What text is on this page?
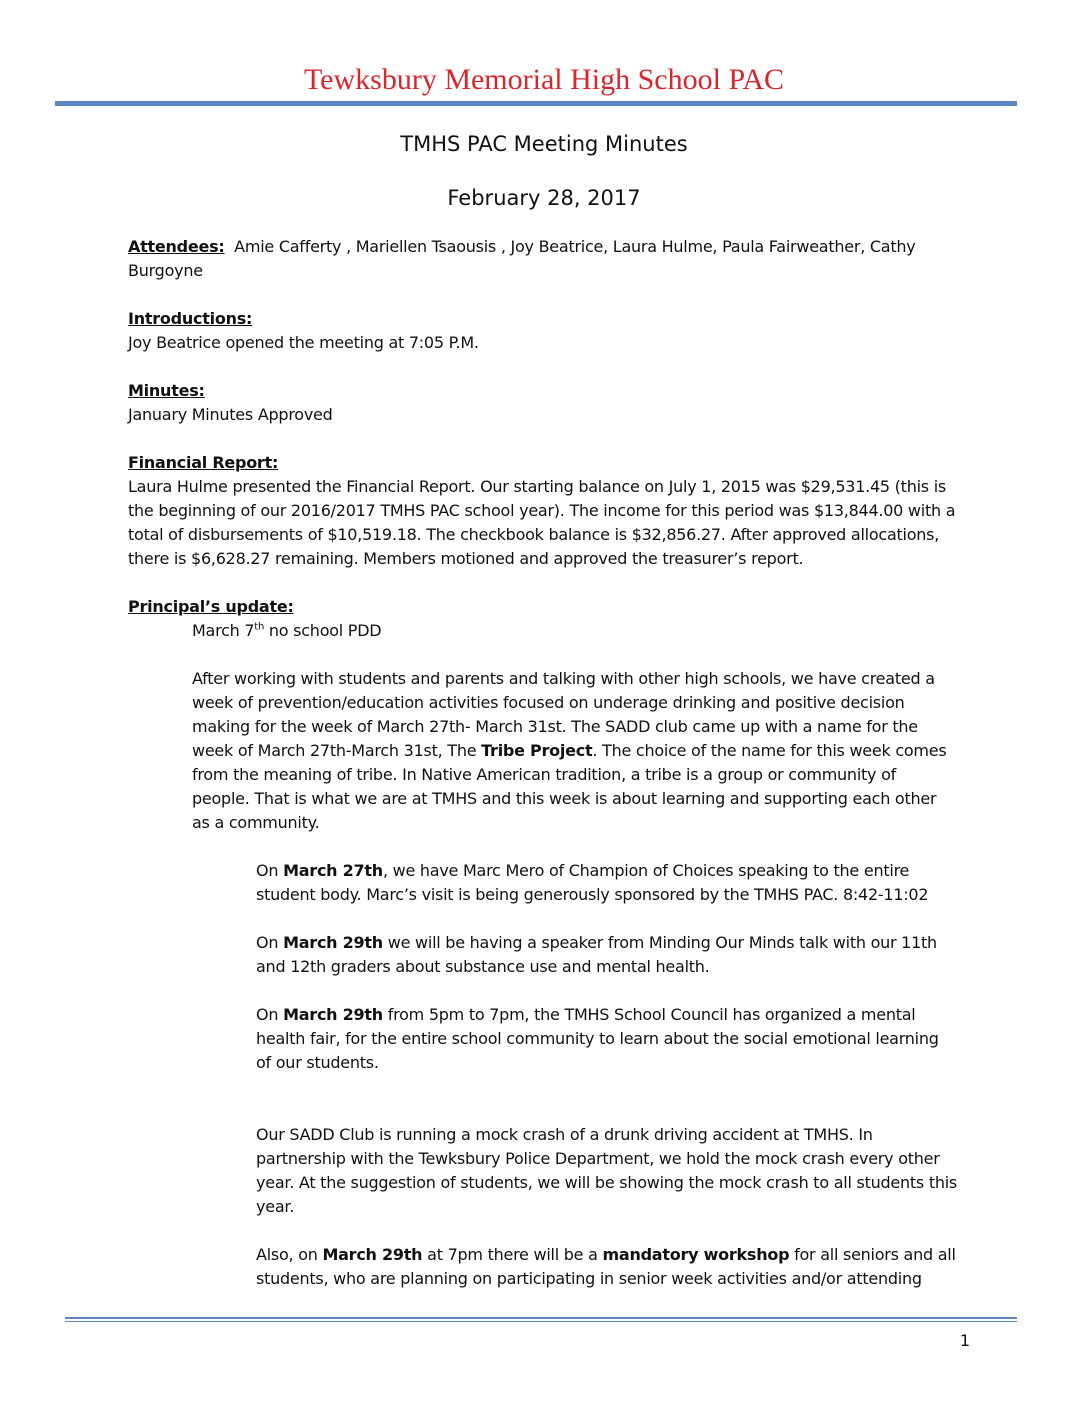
Tewksbury Memorial High School PAC
TMHS PAC Meeting Minutes
February 28, 2017

Attendees: Amie Cafferty , Mariellen Tsaousis , Joy Beatrice, Laura Hulme, Paula Fairweather, Cathy Burgoyne

Introductions:

Joy Beatrice opened the meeting at 7:05 P.M.

Minutes:

January Minutes Approved

Financial Report:

Laura Hulme presented the Financial Report. Our starting balance on July 1, 2015 was $29,531.45 (this is the beginning of our 2016/2017 TMHS PAC school year). The income for this period was $13,844.00 with a total of disbursements of $10,519.18. The checkbook balance is $32,856.27. After approved allocations, there is $6,628.27 remaining. Members motioned and approved the treasurer’s report.

Principal’s update:

March 7th no school PDD

After working with students and parents and talking with other high schools, we have created a week of prevention/education activities focused on underage drinking and positive decision making for the week of March 27th- March 31st. The SADD club came up with a name for the week of March 27th-March 31st, The Tribe Project. The choice of the name for this week comes from the meaning of tribe. In Native American tradition, a tribe is a group or community of people. That is what we are at TMHS and this week is about learning and supporting each other as a community.

On March 27th, we have Marc Mero of Champion of Choices speaking to the entire student body. Marc’s visit is being generously sponsored by the TMHS PAC. 8:42-11:02

On March 29th we will be having a speaker from Minding Our Minds talk with our 11th and 12th graders about substance use and mental health.

On March 29th from 5pm to 7pm, the TMHS School Council has organized a mental health fair, for the entire school community to learn about the social emotional learning of our students.

Our SADD Club is running a mock crash of a drunk driving accident at TMHS. In partnership with the Tewksbury Police Department, we hold the mock crash every other year. At the suggestion of students, we will be showing the mock crash to all students this year.

Also, on March 29th at 7pm there will be a mandatory workshop for all seniors and all students, who are planning on participating in senior week activities and/or attending

1
